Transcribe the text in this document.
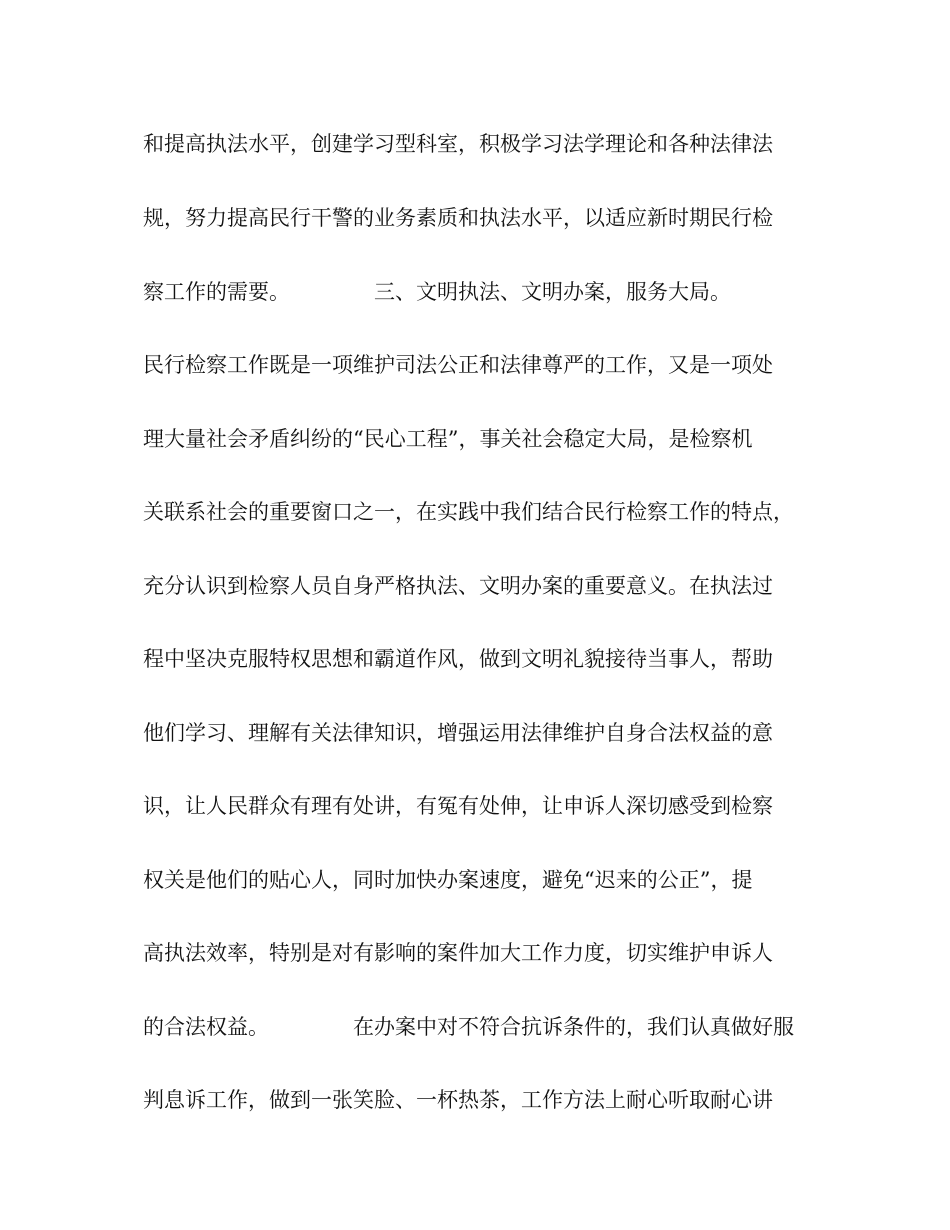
和提高执法水平，创建学习型科室，积极学习法学理论和各种法律法
规，努力提高民行干警的业务素质和执法水平，以适应新时期民行检
察工作的需要。	三、文明执法、文明办案，服务大局。
民行检察工作既是一项维护司法公正和法律尊严的工作，又是一项处
理大量社会矛盾纠纷的“民心工程”，事关社会稳定大局，是检察机
关联系社会的重要窗口之一，在实践中我们结合民行检察工作的特点，
充分认识到检察人员自身严格执法、文明办案的重要意义。在执法过
程中坚决克服特权思想和霸道作风，做到文明礼貌接待当事人，帮助
他们学习、理解有关法律知识，增强运用法律维护自身合法权益的意
识，让人民群众有理有处讲，有冤有处伸，让申诉人深切感受到检察
权关是他们的贴心人，同时加快办案速度，避免“迟来的公正”，提
高执法效率，特别是对有影响的案件加大工作力度，切实维护申诉人
的合法权益。	在办案中对不符合抗诉条件的，我们认真做好服
判息诉工作，做到一张笑脸、一杯热茶，工作方法上耐心听取耐心讲
